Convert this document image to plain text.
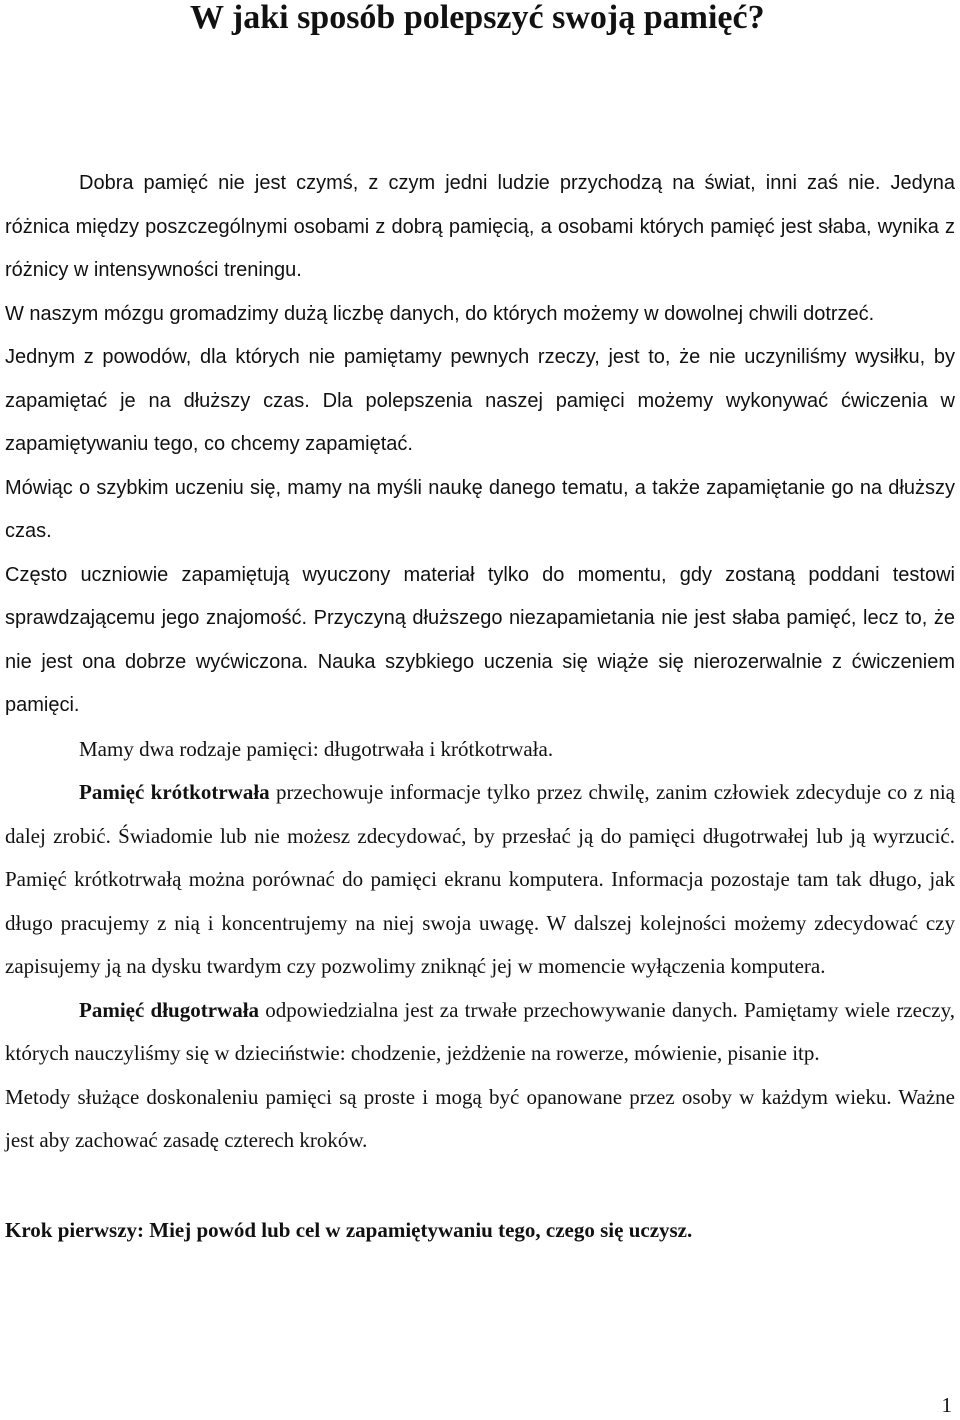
W jaki sposób polepszyć swoją pamięć?

Dobra pamięć nie jest czymś, z czym jedni ludzie przychodzą na świat, inni zaś nie. Jedyna różnica między poszczególnymi osobami z dobrą pamięcią, a osobami których pamięć jest słaba, wynika z różnicy w intensywności treningu.
W naszym mózgu gromadzimy dużą liczbę danych, do których możemy w dowolnej chwili dotrzeć.

Jednym z powodów, dla których nie pamiętamy pewnych rzeczy, jest to, że nie uczyniliśmy wysiłku, by zapamiętać je na dłuższy czas. Dla polepszenia naszej pamięci możemy wykonywać ćwiczenia w zapamiętywaniu tego, co chcemy zapamiętać.

Mówiąc o szybkim uczeniu się, mamy na myśli naukę danego tematu, a także zapamiętanie go na dłuższy czas.

Często uczniowie zapamiętują wyuczony materiał tylko do momentu, gdy zostaną poddani testowi sprawdzającemu jego znajomość. Przyczyną dłuższego niezapamietania nie jest słaba pamięć, lecz to, że nie jest ona dobrze wyćwiczona. Nauka szybkiego uczenia się wiąże się nierozerwalnie z ćwiczeniem pamięci.

Mamy dwa rodzaje pamięci: długotrwała i krótkotrwała.

Pamięć krótkotrwała przechowuje informacje tylko przez chwilę, zanim człowiek zdecyduje co z nią dalej zrobić. Świadomie lub nie możesz zdecydować, by przesłać ją do pamięci długotrwałej lub ją wyrzucić. Pamięć krótkotrwałą można porównać do pamięci ekranu komputera. Informacja pozostaje tam tak długo, jak długo pracujemy z nią i koncentrujemy na niej swoja uwagę. W dalszej kolejności możemy zdecydować czy zapisujemy ją na dysku twardym czy pozwolimy zniknąć jej w momencie wyłączenia komputera.

Pamięć długotrwała odpowiedzialna jest za trwałe przechowywanie danych. Pamiętamy wiele rzeczy, których nauczyliśmy się w dzieciństwie: chodzenie, jeżdżenie na rowerze, mówienie, pisanie itp.

Metody służące doskonaleniu pamięci są proste i mogą być opanowane przez osoby w każdym wieku. Ważne jest aby zachować zasadę czterech kroków.

Krok pierwszy: Miej powód lub cel w zapamiętywaniu tego, czego się uczysz.

1
